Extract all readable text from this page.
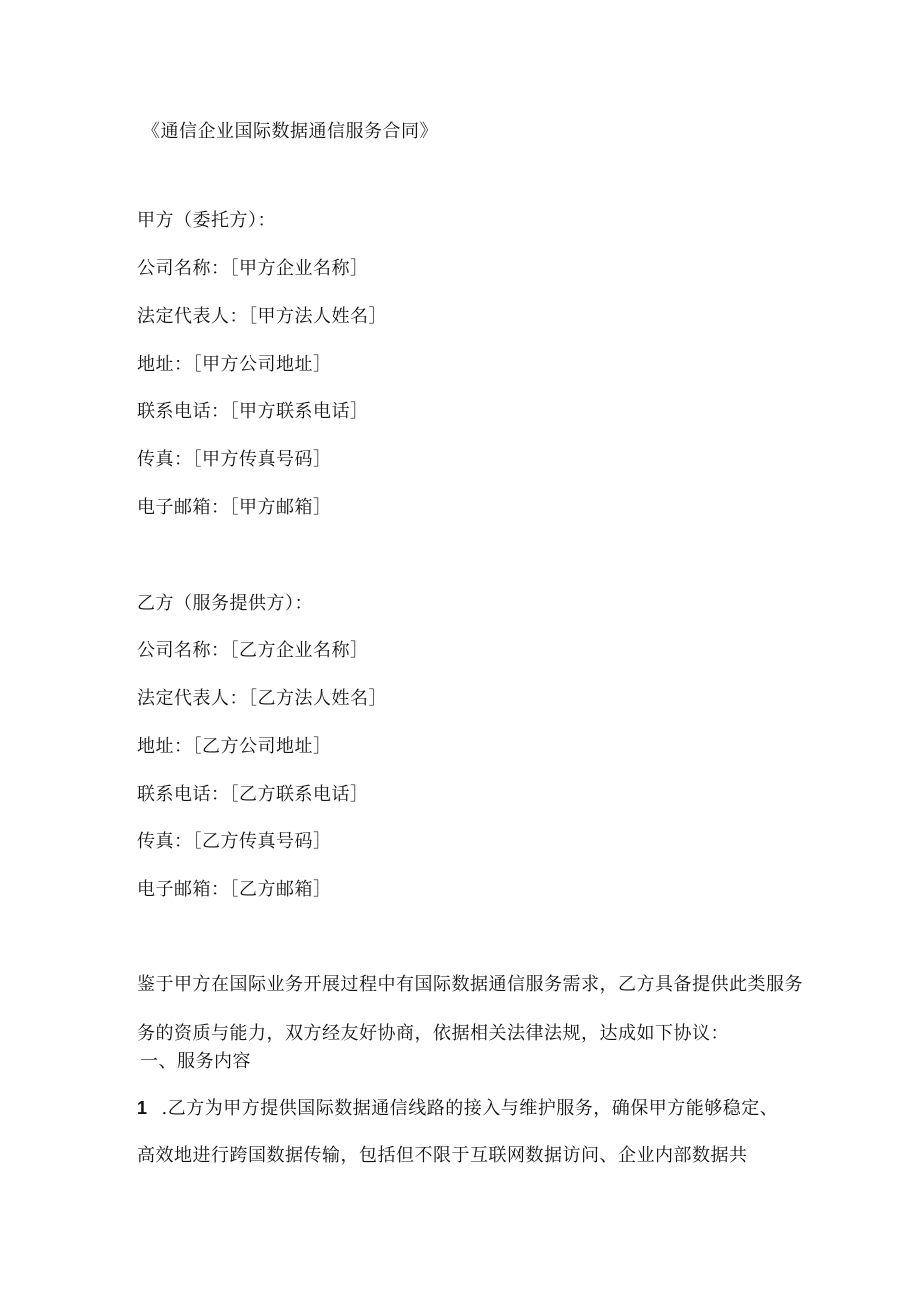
《通信企业国际数据通信服务合同》
甲方（委托方）：
公司名称：［甲方企业名称］
法定代表人：［甲方法人姓名］
地址：［甲方公司地址］
联系电话：［甲方联系电话］
传真：［甲方传真号码］
电子邮箱：［甲方邮箱］
乙方（服务提供方）：
公司名称：［乙方企业名称］
法定代表人：［乙方法人姓名］
地址：［乙方公司地址］
联系电话：［乙方联系电话］
传真：［乙方传真号码］
电子邮箱：［乙方邮箱］
鉴于甲方在国际业务开展过程中有国际数据通信服务需求，乙方具备提供此类服务
务的资质与能力，双方经友好协商，依据相关法律法规，达成如下协议：
一、服务内容
1 .乙方为甲方提供国际数据通信线路的接入与维护服务，确保甲方能够稳定、
高效地进行跨国数据传输，包括但不限于互联网数据访问、企业内部数据共
